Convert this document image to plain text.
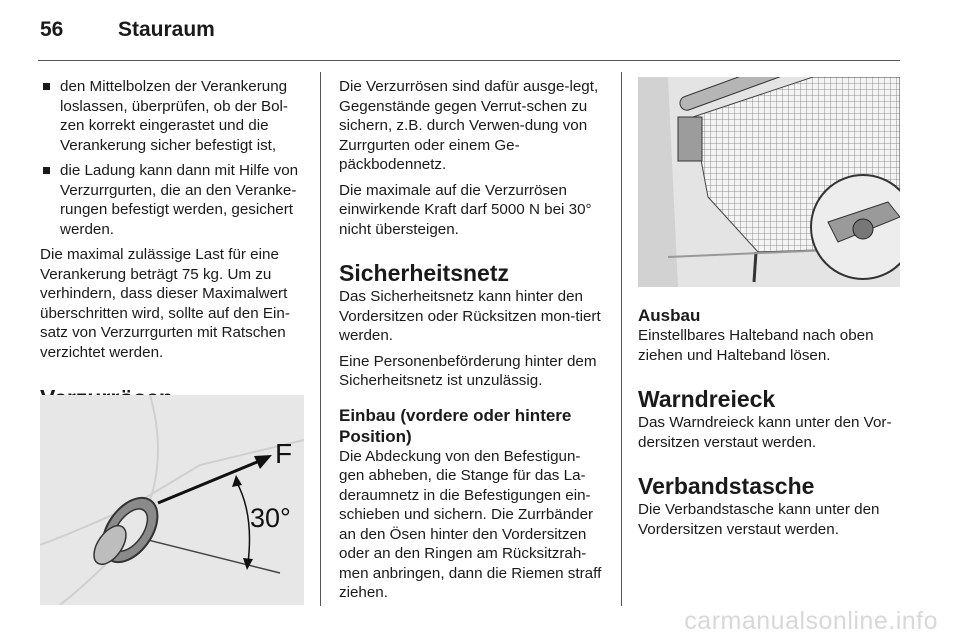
56	Stauraum
den Mittelbolzen der Verankerung loslassen, überprüfen, ob der Bol-zen korrekt eingerastet und die Verankerung sicher befestigt ist,
die Ladung kann dann mit Hilfe von Verzurrgurten, die an den Veranke-rungen befestigt werden, gesichert werden.

Die maximal zulässige Last für eine Verankerung beträgt 75 kg. Um zu verhindern, dass dieser Maximalwert überschritten wird, sollte auf den Ein-satz von Verzurrgurten mit Ratschen verzichtet werden.

F
30°

Die Verzurrösen sind dafür ausge-legt, Gegenstände gegen Verrut-schen zu sichern, z.B. durch Verwen-dung von Zurrgurten oder einem Ge-päckbodennetz.

Die maximale auf die Verzurrösen einwirkende Kraft darf 5000 N bei 30° nicht übersteigen.

Sicherheitsnetz

Das Sicherheitsnetz kann hinter den Vordersitzen oder Rücksitzen mon-tiert werden.

Eine Personenbeförderung hinter dem Sicherheitsnetz ist unzulässig.

Einbau (vordere oder hintere Position)

Die Abdeckung von den Befestigun-gen abheben, die Stange für das La-deraumnetz in die Befestigungen ein-schieben und sichern. Die Zurrbänder an den Ösen hinter den Vordersitzen oder an den Ringen am Rücksitzrah-men anbringen, dann die Riemen straff ziehen.

Ausbau

Einstellbares Halteband nach oben ziehen und Halteband lösen.

Warndreieck

Das Warndreieck kann unter den Vor-dersitzen verstaut werden.

Verbandstasche

Die Verbandstasche kann unter den Vordersitzen verstaut werden.

carmanualsonline.info
